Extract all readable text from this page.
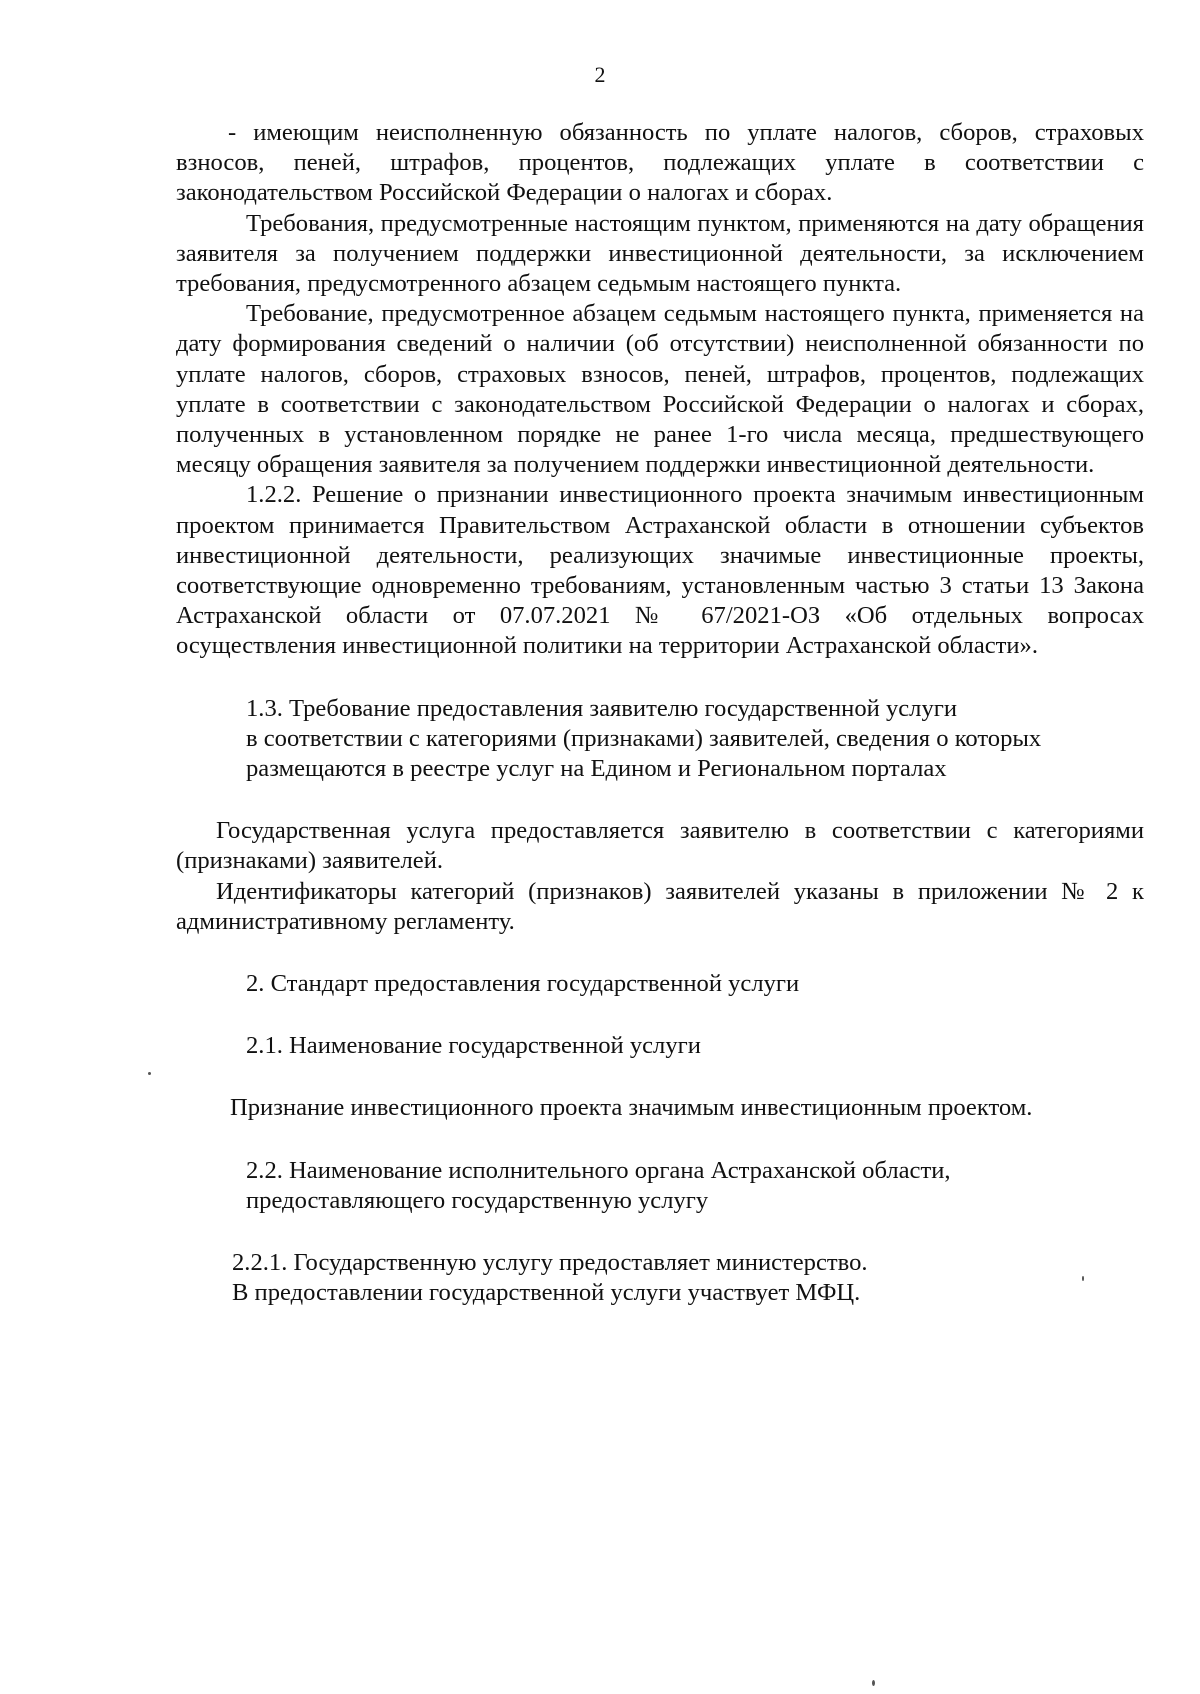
2

- имеющим неисполненную обязанность по уплате налогов, сборов, страховых взносов, пеней, штрафов, процентов, подлежащих уплате в соответствии с законодательством Российской Федерации о налогах и сборах.

Требования, предусмотренные настоящим пунктом, применяются на дату обращения заявителя за получением поддержки инвестиционной деятельности, за исключением требования, предусмотренного абзацем седьмым настоящего пункта.

Требование, предусмотренное абзацем седьмым настоящего пункта, применяется на дату формирования сведений о наличии (об отсутствии) неисполненной обязанности по уплате налогов, сборов, страховых взносов, пеней, штрафов, процентов, подлежащих уплате в соответствии с законодательством Российской Федерации о налогах и сборах, полученных в установленном порядке не ранее 1-го числа месяца, предшествующего месяцу обращения заявителя за получением поддержки инвестиционной деятельности.

1.2.2. Решение о признании инвестиционного проекта значимым инвестиционным проектом принимается Правительством Астраханской области в отношении субъектов инвестиционной деятельности, реализующих значимые инвестиционные проекты, соответствующие одновременно требованиям, установленным частью 3 статьи 13 Закона Астраханской области от 07.07.2021 № 67/2021-ОЗ «Об отдельных вопросах осуществления инвестиционной политики на территории Астраханской области».

1.3. Требование предоставления заявителю государственной услуги

в соответствии с категориями (признаками) заявителей, сведения о которых

размещаются в реестре услуг на Едином и Региональном порталах

Государственная услуга предоставляется заявителю в соответствии с категориями (признаками) заявителей.

Идентификаторы категорий (признаков) заявителей указаны в приложении № 2 к административному регламенту.

2. Стандарт предоставления государственной услуги

2.1. Наименование государственной услуги

Признание инвестиционного проекта значимым инвестиционным проектом.

2.2. Наименование исполнительного органа Астраханской области,

предоставляющего государственную услугу

2.2.1. Государственную услугу предоставляет министерство.

В предоставлении государственной услуги участвует МФЦ.
